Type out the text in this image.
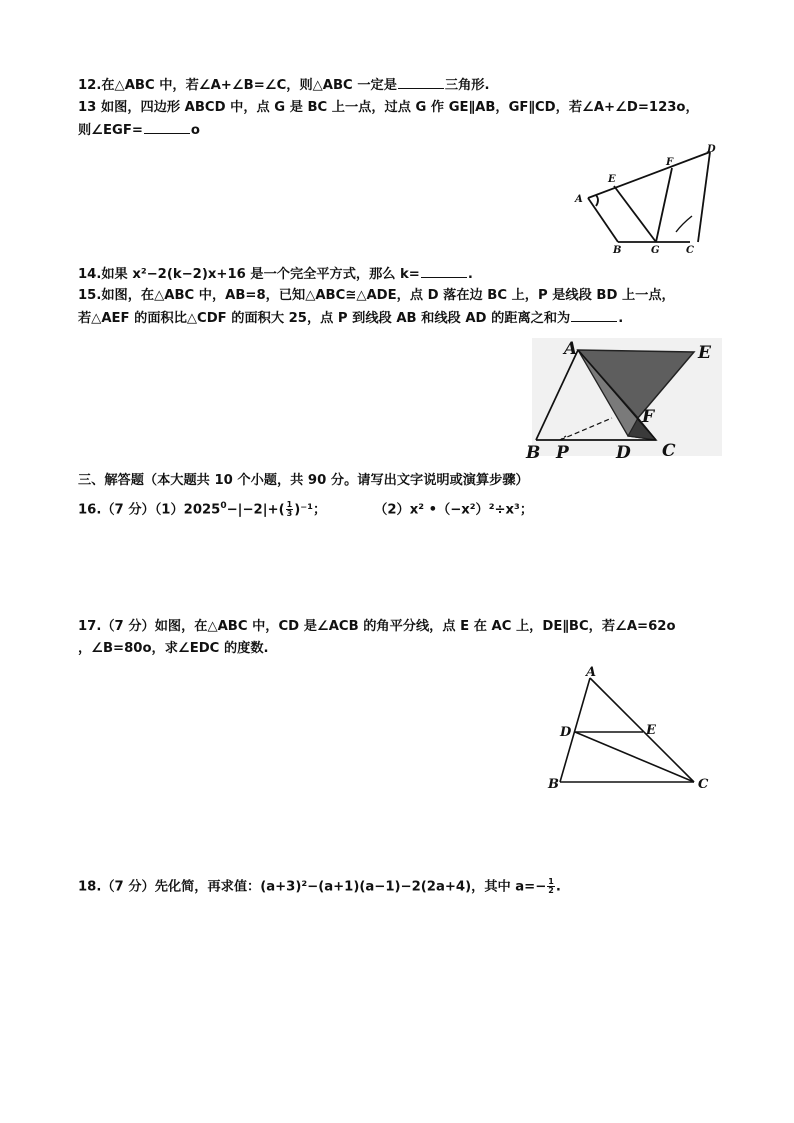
12.在△ABC 中，若∠A+∠B=∠C，则△ABC 一定是	三角形.
13 如图，四边形 ABCD 中，点 G 是 BC 上一点，过点 G 作 GE∥AB，GF∥CD，若∠A+∠D=123o，
则∠EGF=	o
A
E
F
D
B	G	C
14.如果 x²−2(k−2)x+16 是一个完全平方式，那么 k=	.
15.如图，在△ABC 中，AB=8，已知△ABC≅△ADE，点 D 落在边 BC 上，P 是线段 BD 上一点，
若△AEF 的面积比△CDF 的面积大 25，点 P 到线段 AB 和线段 AD 的距离之和为	.
A	E
F
B P	D C
三、解答题（本大题共 10 个小题，共 90 分。请写出文字说明或演算步骤）
16.（7 分）$(1)2025^0-|-2|+( \frac{1}{3} )^{-1}$；	（2）x² •（−x²）²÷x³；
17.（7 分）如图，在△ABC 中，CD 是∠ACB 的角平分线，点 E 在 AC 上，DE∥BC，若∠A=62o
，∠B=80o，求∠EDC 的度数.
A
D	E
B	C
18.（7 分）先化简，再求值：(a+3)²−(a+1)(a−1)−2(2a+4)，其中 $a=- \frac{1}{2}$ .
